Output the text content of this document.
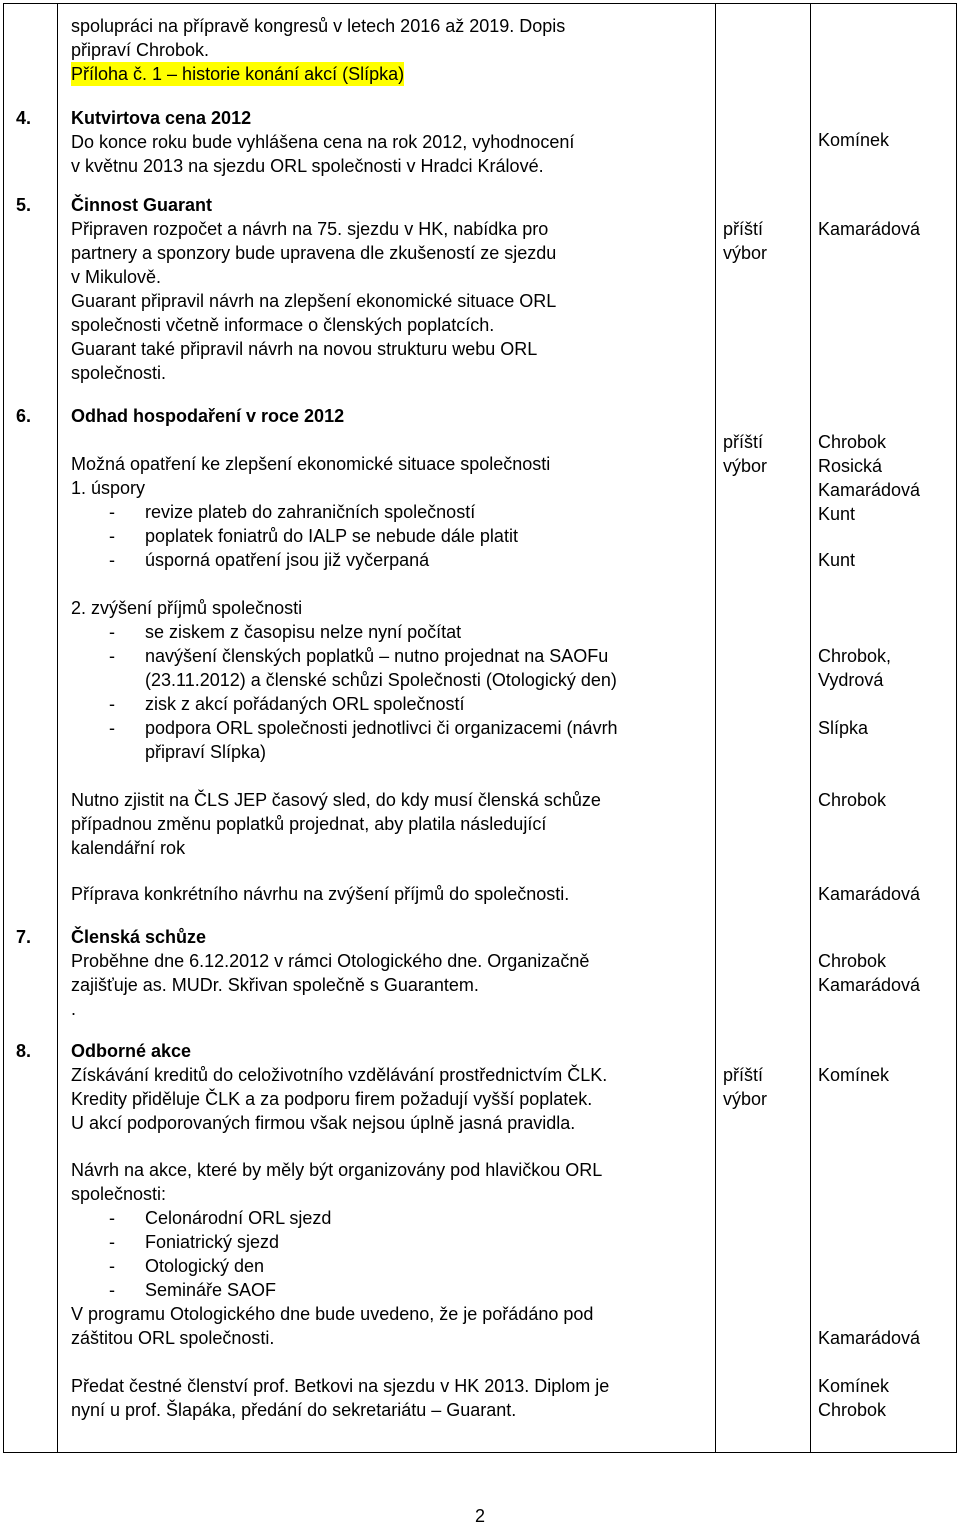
spolupráci na přípravě kongresů v letech 2016 až 2019. Dopis
připraví Chrobok.
Příloha č. 1 – historie konání akcí (Slípka)
4. Kutvirtova cena 2012
Do konce roku bude vyhlášena cena na rok 2012, vyhodnocení
v květnu 2013 na sjezdu ORL společnosti v Hradci Králové.
Komínek
5. Činnost Guarant
Připraven rozpočet a návrh na 75. sjezdu v HK, nabídka pro
partnery a sponzory bude upravena dle zkušeností ze sjezdu
v Mikulově.
Guarant připravil návrh na zlepšení ekonomické situace ORL
společnosti včetně informace o členských poplatcích.
Guarant také připravil návrh na novou strukturu webu ORL
společnosti.
příští
výbor
Kamarádová
6. Odhad hospodaření v roce 2012
Možná opatření ke zlepšení ekonomické situace společnosti
1. úspory
- revize plateb do zahraničních společností
- poplatek foniatrů do IALP se nebude dále platit
- úsporná opatření jsou již vyčerpaná
2. zvýšení příjmů společnosti
- se ziskem z časopisu nelze nyní počítat
- navýšení členských poplatků – nutno projednat na SAOFu
(23.11.2012) a členské schůzi Společnosti (Otologický den)
- zisk z akcí pořádaných ORL společností
- podpora ORL společnosti jednotlivci či organizacemi (návrh
připraví Slípka)
Nutno zjistit na ČLS JEP časový sled, do kdy musí členská schůze
případnou změnu poplatků projednat, aby platila následující
kalendářní rok
Příprava konkrétního návrhu na zvýšení příjmů do společnosti.
příští
výbor
Chrobok
Rosická
Kamarádová
Kunt
Kunt
Chrobok,
Vydrová
Slípka
Chrobok
Kamarádová
7. Členská schůze
Proběhne dne 6.12.2012 v rámci Otologického dne. Organizačně
zajišťuje as. MUDr. Skřivan společně s Guarantem.
.
Chrobok
Kamarádová
8. Odborné akce
Získávání kreditů do celoživotního vzdělávání prostřednictvím ČLK.
Kredity přiděluje ČLK a za podporu firem požadují vyšší poplatek.
U akcí podporovaných firmou však nejsou úplně jasná pravidla.
Návrh na akce, které by měly být organizovány pod hlavičkou ORL
společnosti:
- Celonárodní ORL sjezd
- Foniatrický sjezd
- Otologický den
- Semináře SAOF
V programu Otologického dne bude uvedeno, že je pořádáno pod
záštitou ORL společnosti.
Předat čestné členství prof. Betkovi na sjezdu v HK 2013. Diplom je
nyní u prof. Šlapáka, předání do sekretariátu – Guarant.
příští
výbor
Komínek
Kamarádová
Komínek
Chrobok
2
